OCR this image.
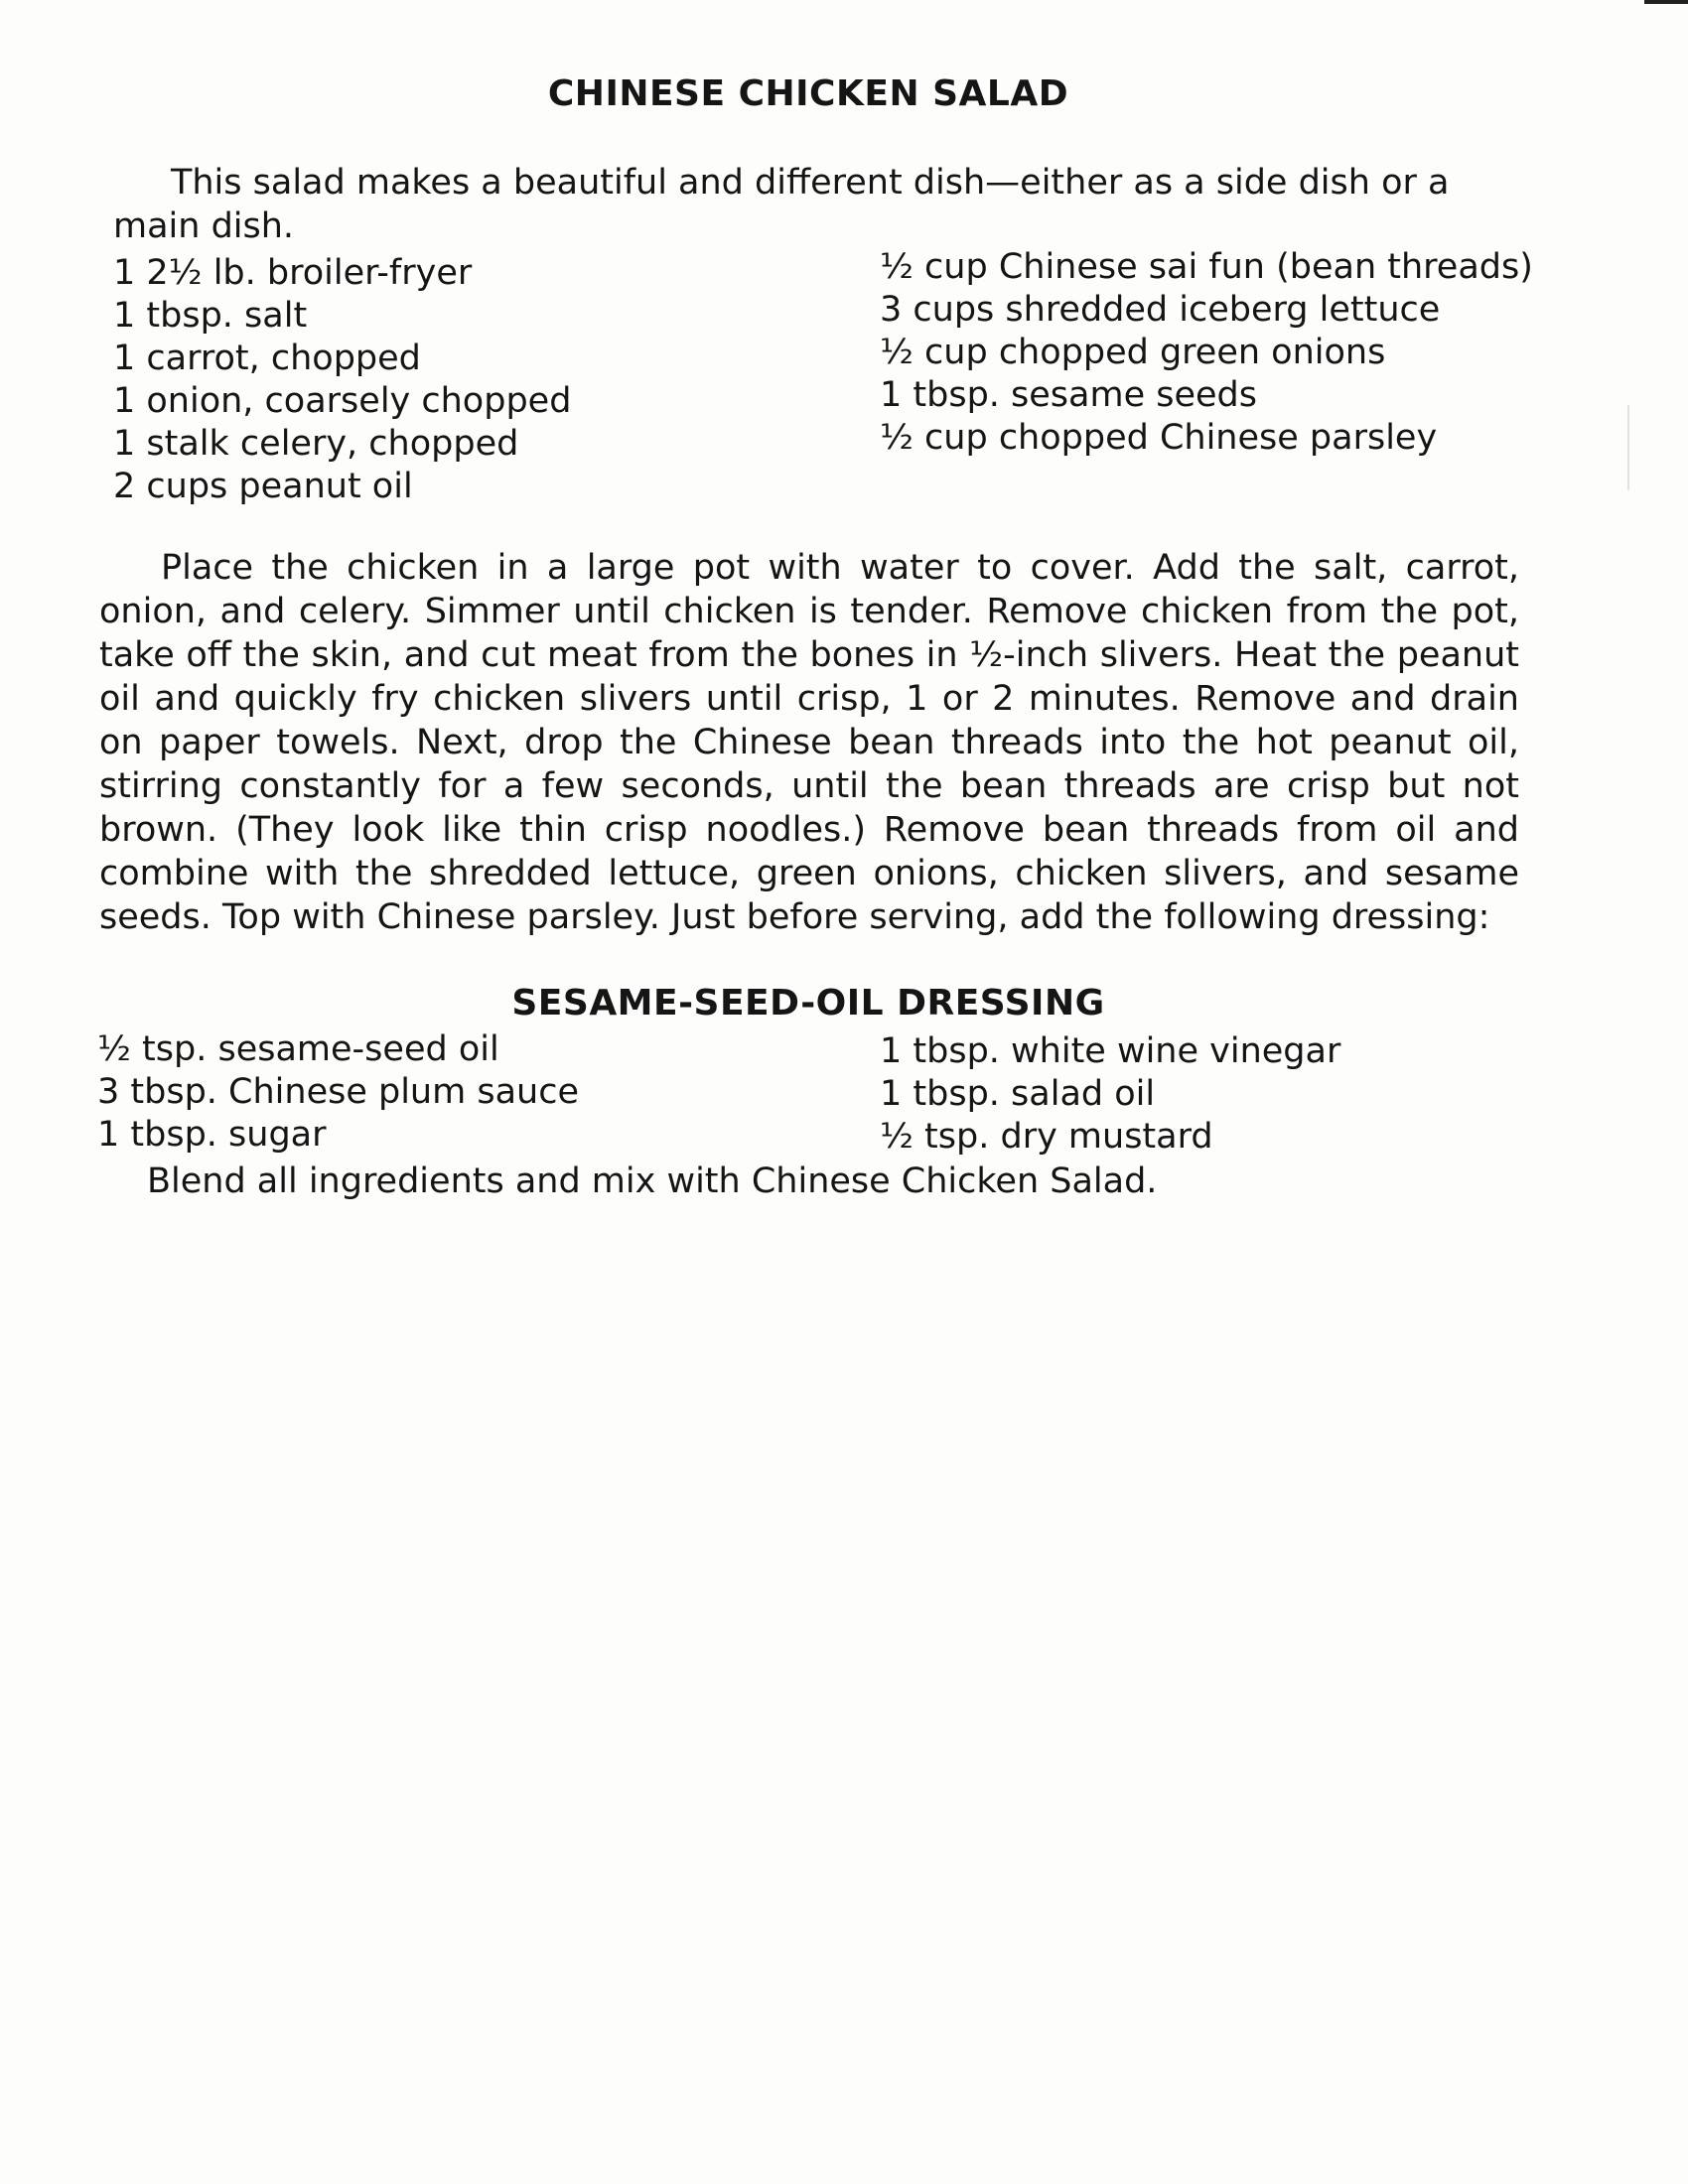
CHINESE CHICKEN SALAD
This salad makes a beautiful and different dish—either as a side dish or a main dish.
1 2½ lb. broiler-fryer
1 tbsp. salt
1 carrot, chopped
1 onion, coarsely chopped
1 stalk celery, chopped
2 cups peanut oil
½ cup Chinese sai fun (bean threads)
3 cups shredded iceberg lettuce
½ cup chopped green onions
1 tbsp. sesame seeds
½ cup chopped Chinese parsley
Place the chicken in a large pot with water to cover. Add the salt, carrot, onion, and celery. Simmer until chicken is tender. Remove chicken from the pot, take off the skin, and cut meat from the bones in ½-inch slivers. Heat the peanut oil and quickly fry chicken slivers until crisp, 1 or 2 minutes. Remove and drain on paper towels. Next, drop the Chinese bean threads into the hot peanut oil, stirring constantly for a few seconds, until the bean threads are crisp but not brown. (They look like thin crisp noodles.) Remove bean threads from oil and combine with the shredded lettuce, green onions, chicken slivers, and sesame seeds. Top with Chinese parsley. Just before serving, add the following dressing:
SESAME-SEED-OIL DRESSING
½ tsp. sesame-seed oil
3 tbsp. Chinese plum sauce
1 tbsp. sugar
1 tbsp. white wine vinegar
1 tbsp. salad oil
½ tsp. dry mustard
Blend all ingredients and mix with Chinese Chicken Salad.
